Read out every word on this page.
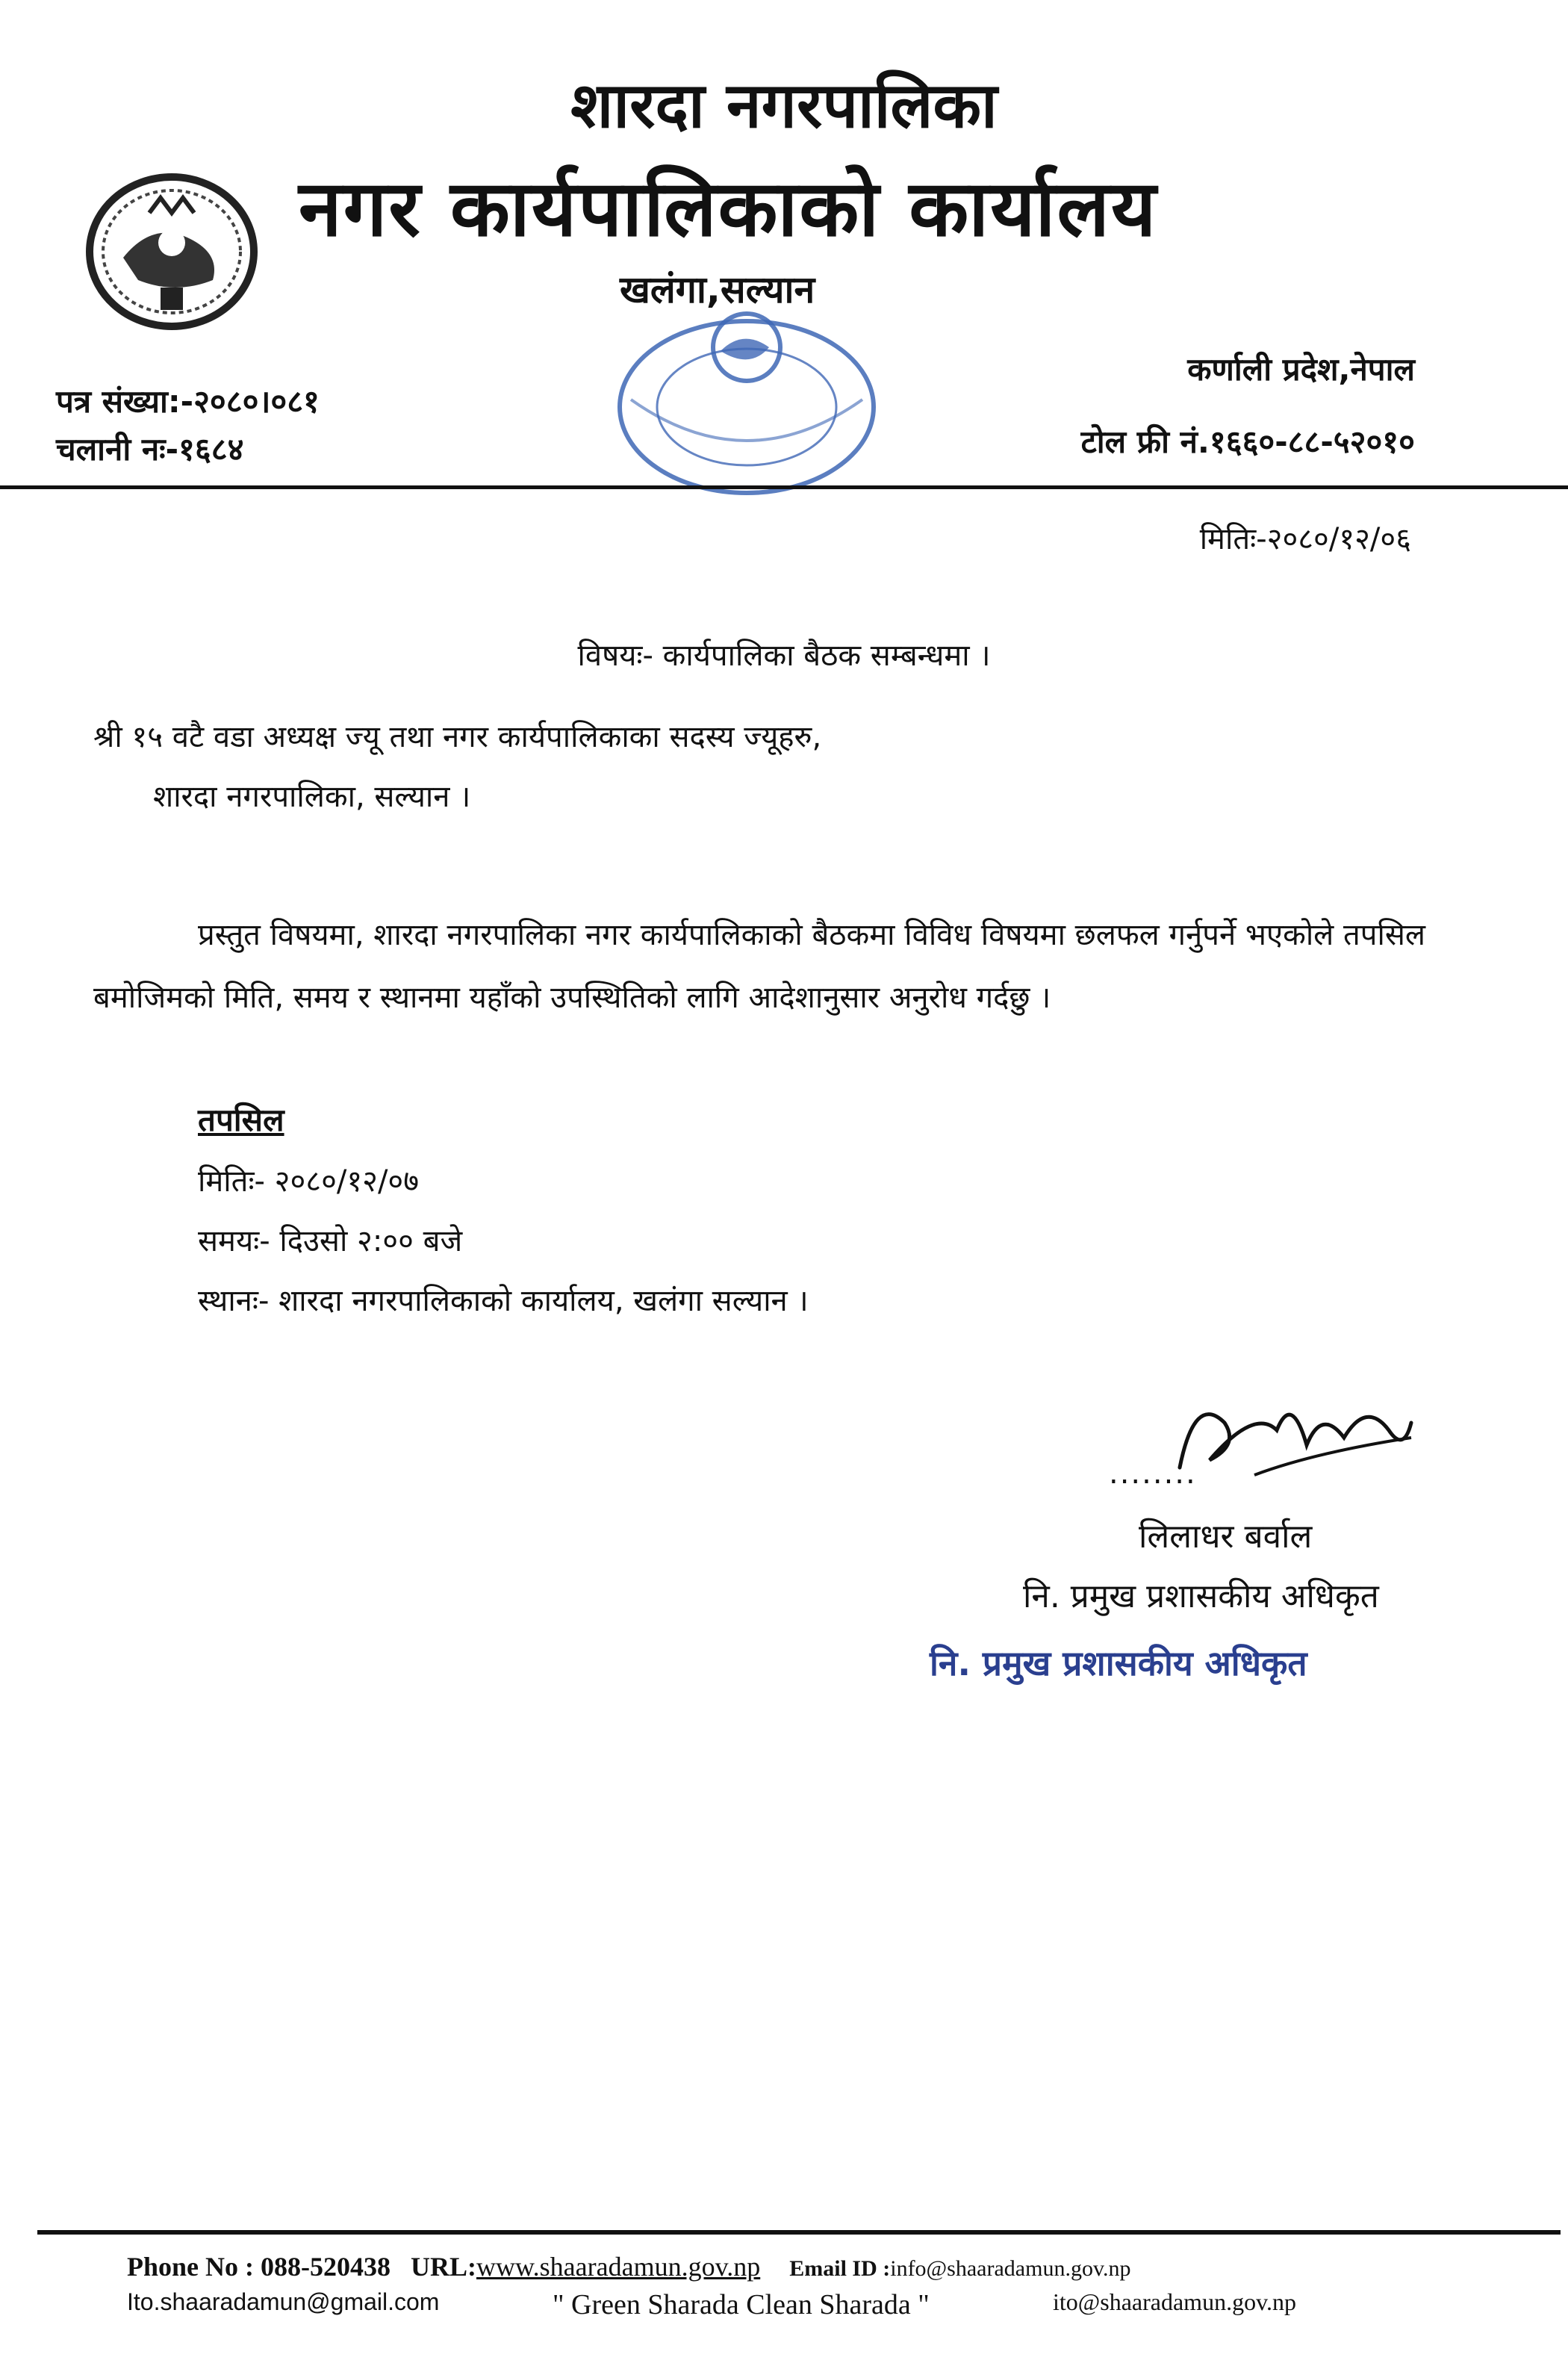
शारदा नगरपालिका
नगर कार्यपालिकाको कार्यालय
खलंगा,सल्यान
कर्णाली प्रदेश,नेपाल
पत्र संख्या:-२०८०।०८१
चलानी नः-१६८४	टोल फ्री नं.१६६०-८८-५२०१०
मितिः-२०८०/१२/०६
विषयः- कार्यपालिका बैठक सम्बन्धमा ।
श्री १५ वटै वडा अध्यक्ष ज्यू तथा नगर कार्यपालिकाका सदस्य ज्यूहरु,
शारदा नगरपालिका, सल्यान ।
प्रस्तुत विषयमा, शारदा नगरपालिका नगर कार्यपालिकाको बैठकमा विविध विषयमा छलफल गर्नुपर्ने भएकोले तपसिल बमोजिमको मिति, समय र स्थानमा यहाँको उपस्थितिको लागि आदेशानुसार अनुरोध गर्दछु ।
तपसिल
मितिः- २०८०/१२/०७
समयः- दिउसो २:०० बजे
स्थानः- शारदा नगरपालिकाको कार्यालय, खलंगा सल्यान ।
........
लिलाधर बर्वाल
नि. प्रमुख प्रशासकीय अधिकृत
नि. प्रमुख प्रशासकीय अधिकृत
Phone No : 088-520438 URL:www.shaaradamun.gov.np Email ID :info@shaaradamun.gov.np
Ito.shaaradamun@gmail.com	" Green Sharada Clean Sharada "	ito@shaaradamun.gov.np
